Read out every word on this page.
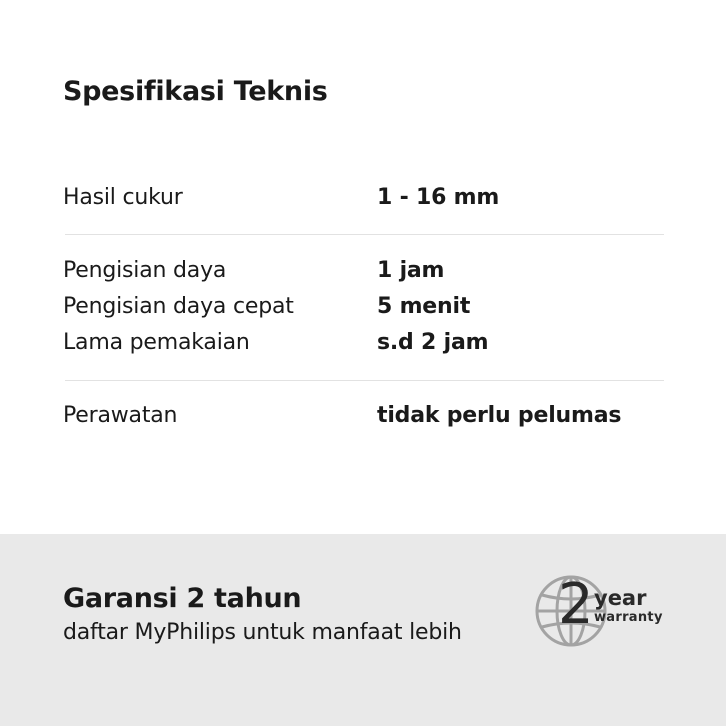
Spesifikasi Teknis
Hasil cukur	1 - 16 mm
Pengisian daya	1 jam
Pengisian daya cepat	5 menit
Lama pemakaian	s.d 2 jam
Perawatan	tidak perlu pelumas
Garansi 2 tahun
daftar MyPhilips untuk manfaat lebih 2 year
warranty
